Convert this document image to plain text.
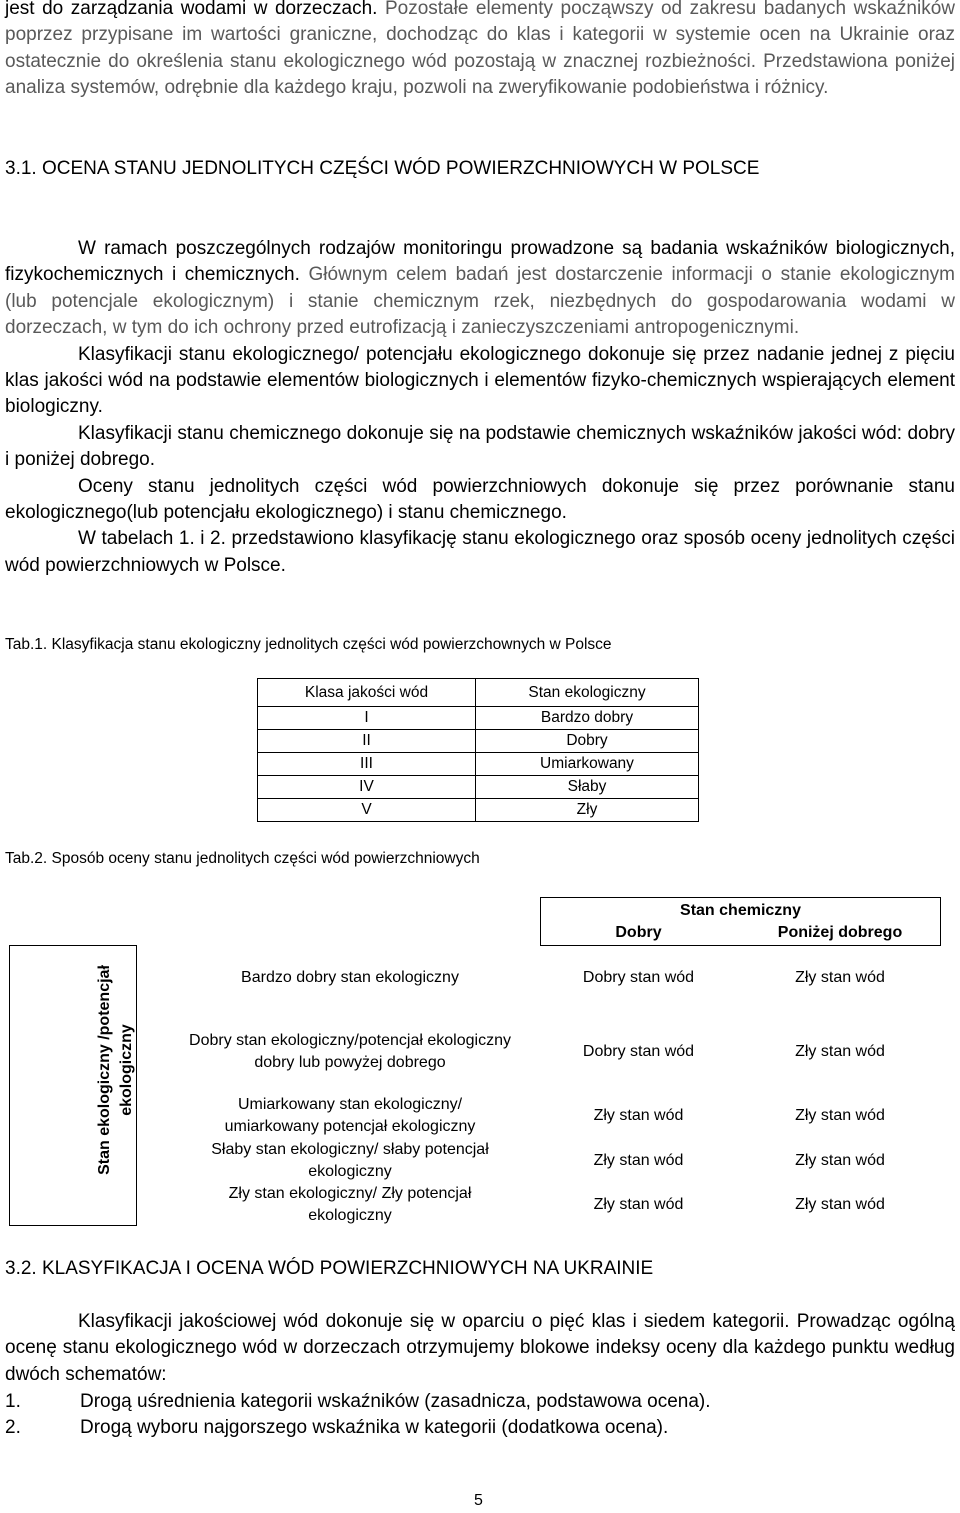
jest do zarządzania wodami w dorzeczach. Pozostałe elementy począwszy od zakresu badanych wskaźników poprzez przypisane im wartości graniczne, dochodząc do klas i kategorii w systemie ocen na Ukrainie oraz ostatecznie do określenia stanu ekologicznego wód pozostają w znacznej rozbieżności. Przedstawiona poniżej analiza systemów, odrębnie dla każdego kraju, pozwoli na zweryfikowanie podobieństwa i różnicy.

3.1. OCENA STANU JEDNOLITYCH CZĘŚCI WÓD POWIERZCHNIOWYCH W POLSCE

W ramach poszczególnych rodzajów monitoringu prowadzone są badania wskaźników biologicznych, fizykochemicznych i chemicznych. Głównym celem badań jest dostarczenie informacji o stanie ekologicznym (lub potencjale ekologicznym) i stanie chemicznym rzek, niezbędnych do gospodarowania wodami w dorzeczach, w tym do ich ochrony przed eutrofizacją i zanieczyszczeniami antropogenicznymi.

Klasyfikacji stanu ekologicznego/ potencjału ekologicznego dokonuje się przez nadanie jednej z pięciu klas jakości wód na podstawie elementów biologicznych i elementów fizyko-chemicznych wspierających element biologiczny.

Klasyfikacji stanu chemicznego dokonuje się na podstawie chemicznych wskaźników jakości wód: dobry i poniżej dobrego.

Oceny stanu jednolitych części wód powierzchniowych dokonuje się przez porównanie stanu ekologicznego(lub potencjału ekologicznego) i stanu chemicznego.

W tabelach 1. i 2. przedstawiono klasyfikację stanu ekologicznego oraz sposób oceny jednolitych części wód powierzchniowych w Polsce.

Tab.1. Klasyfikacja stanu ekologiczny jednolitych części wód powierzchownych w Polsce
Klasa jakości wód	Stan ekologiczny
I	Bardzo dobry
II	Dobry
III	Umiarkowany
IV	Słaby
V	Zły
Tab.2. Sposób oceny stanu jednolitych części wód powierzchniowych
Stan chemiczny
Dobry	Poniżej dobrego
Stan ekologiczny /potencjał ekologiczny
Bardzo dobry stan ekologiczny	Dobry stan wód	Zły stan wód
Dobry stan ekologiczny/potencjał ekologiczny dobry lub powyżej dobrego
Dobry stan wód	Zły stan wód
Umiarkowany stan ekologiczny/ umiarkowany potencjał ekologiczny
Zły stan wód	Zły stan wód
Słaby stan ekologiczny/ słaby potencjał ekologiczny
Zły stan wód	Zły stan wód
Zły stan ekologiczny/ Zły potencjał ekologiczny
Zły stan wód	Zły stan wód

3.2. KLASYFIKACJA I OCENA WÓD POWIERZCHNIOWYCH NA UKRAINIE

Klasyfikacji jakościowej wód dokonuje się w oparciu o pięć klas i siedem kategorii. Prowadząc ogólną ocenę stanu ekologicznego wód w dorzeczach otrzymujemy blokowe indeksy oceny dla każdego punktu według dwóch schematów:

1.	Drogą uśrednienia kategorii wskaźników (zasadnicza, podstawowa ocena).
2.	Drogą wyboru najgorszego wskaźnika w kategorii (dodatkowa ocena).
5
